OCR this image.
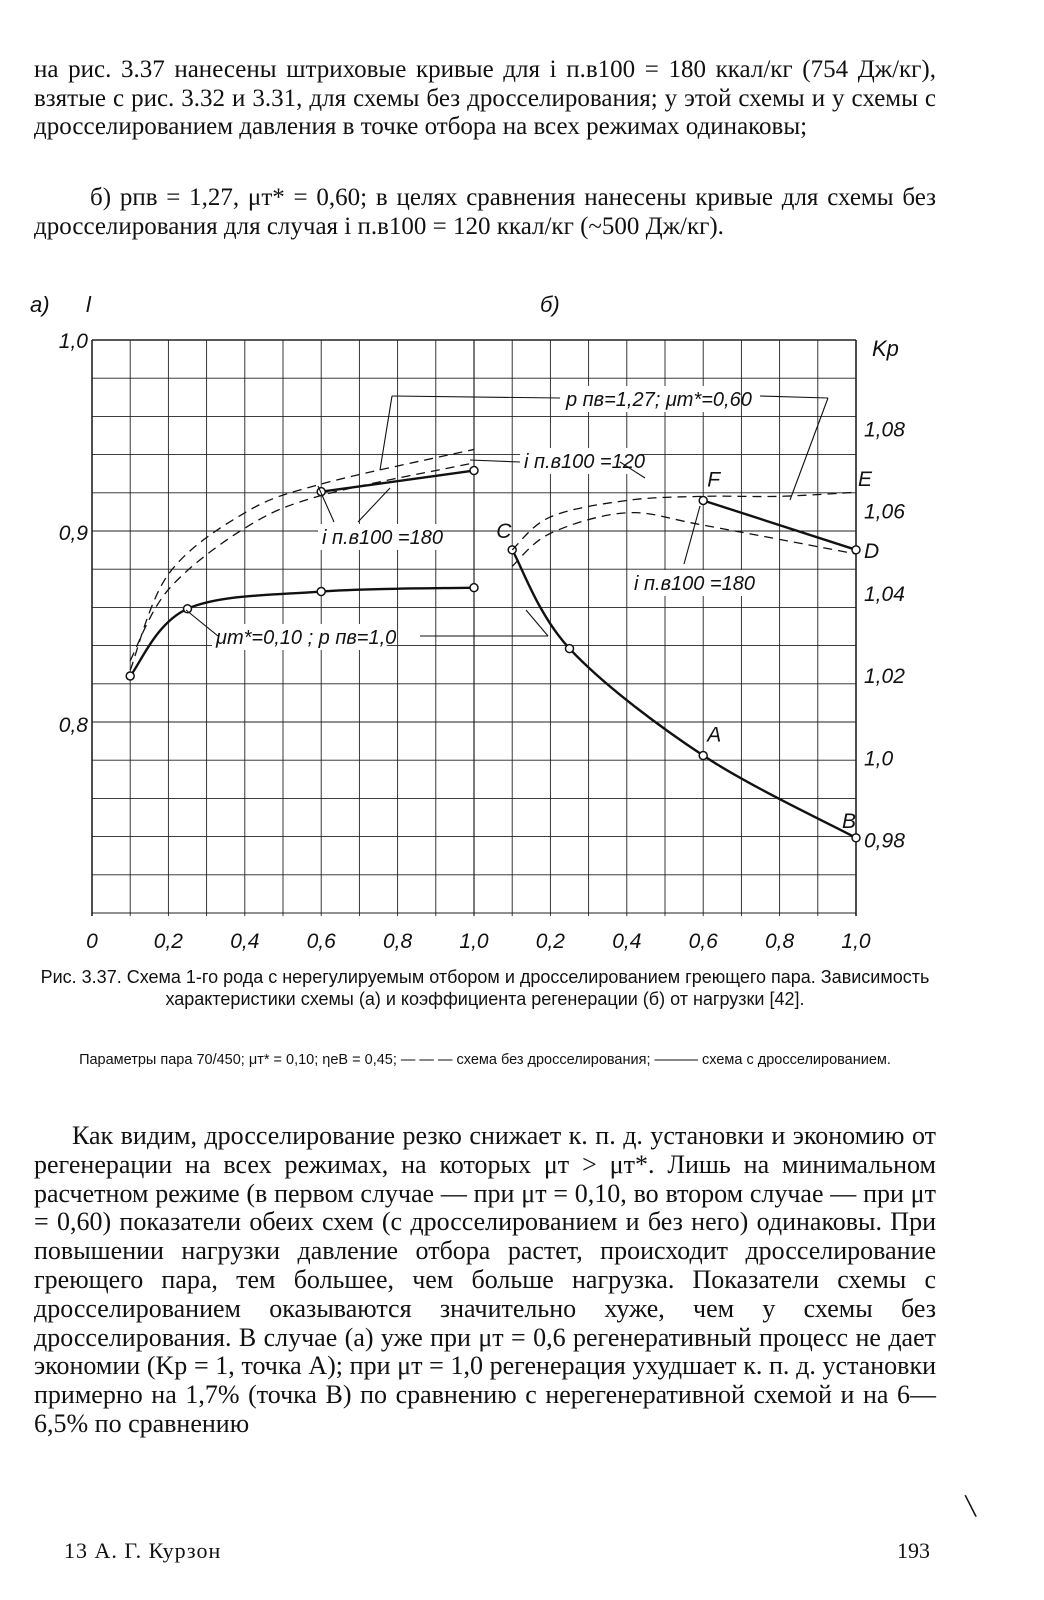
на рис. 3.37 нанесены штриховые кривые для i п.в100 = 180 ккал/кг (754 Дж/кг), взятые с рис. 3.32 и 3.31, для схемы без дросселирования; у этой схемы и у схемы с дросселированием давления в точке отбора на всех режимах одинаковы;

б) pпв = 1,27, μт* = 0,60; в целях сравнения нанесены кривые для схемы без дросселирования для случая i п.в100 = 120 ккал/кг (~500 Дж/кг).

а) l	б)
Kp
1,0
0,9
0,8
1,08
1,06
1,04
1,02
1,0
0,98
0	0,2 0,4 0,6 0,8 1,0 0,2 0,4 0,6 0,8 1,0
C
F	E
D
A
B
p пв=1,27; μт*=0,60
i п.в100 =120
i п.в100 =180
μт*=0,10 ; p пв=1,0
i п.в100 =180

Рис. 3.37. Схема 1-го рода с нерегулируемым отбором и дросселированием греющего пара. Зависимость характеристики схемы (а) и коэффициента регенерации (б) от нагрузки [42].

Параметры пара 70/450; μт* = 0,10; ηeB = 0,45; — — — схема без дросселирования; ——— схема с дросселированием.

Как видим, дросселирование резко снижает к. п. д. установки и экономию от регенерации на всех режимах, на которых μт > μт*. Лишь на минимальном расчетном режиме (в первом случае — при μт = 0,10, во втором случае — при μт = 0,60) показатели обеих схем (с дросселированием и без него) одинаковы. При повышении нагрузки давление отбора растет, происходит дросселирование греющего пара, тем большее, чем больше нагрузка. Показатели схемы с дросселированием оказываются значительно хуже, чем у схемы без дросселирования. В случае (а) уже при μт = 0,6 регенеративный процесс не дает экономии (Kр = 1, точка A); при μт = 1,0 регенерация ухудшает к. п. д. установки примерно на 1,7% (точка B) по сравнению с нерегенеративной схемой и на 6—6,5% по сравнению

13 А. Г. Курзон	193
\
